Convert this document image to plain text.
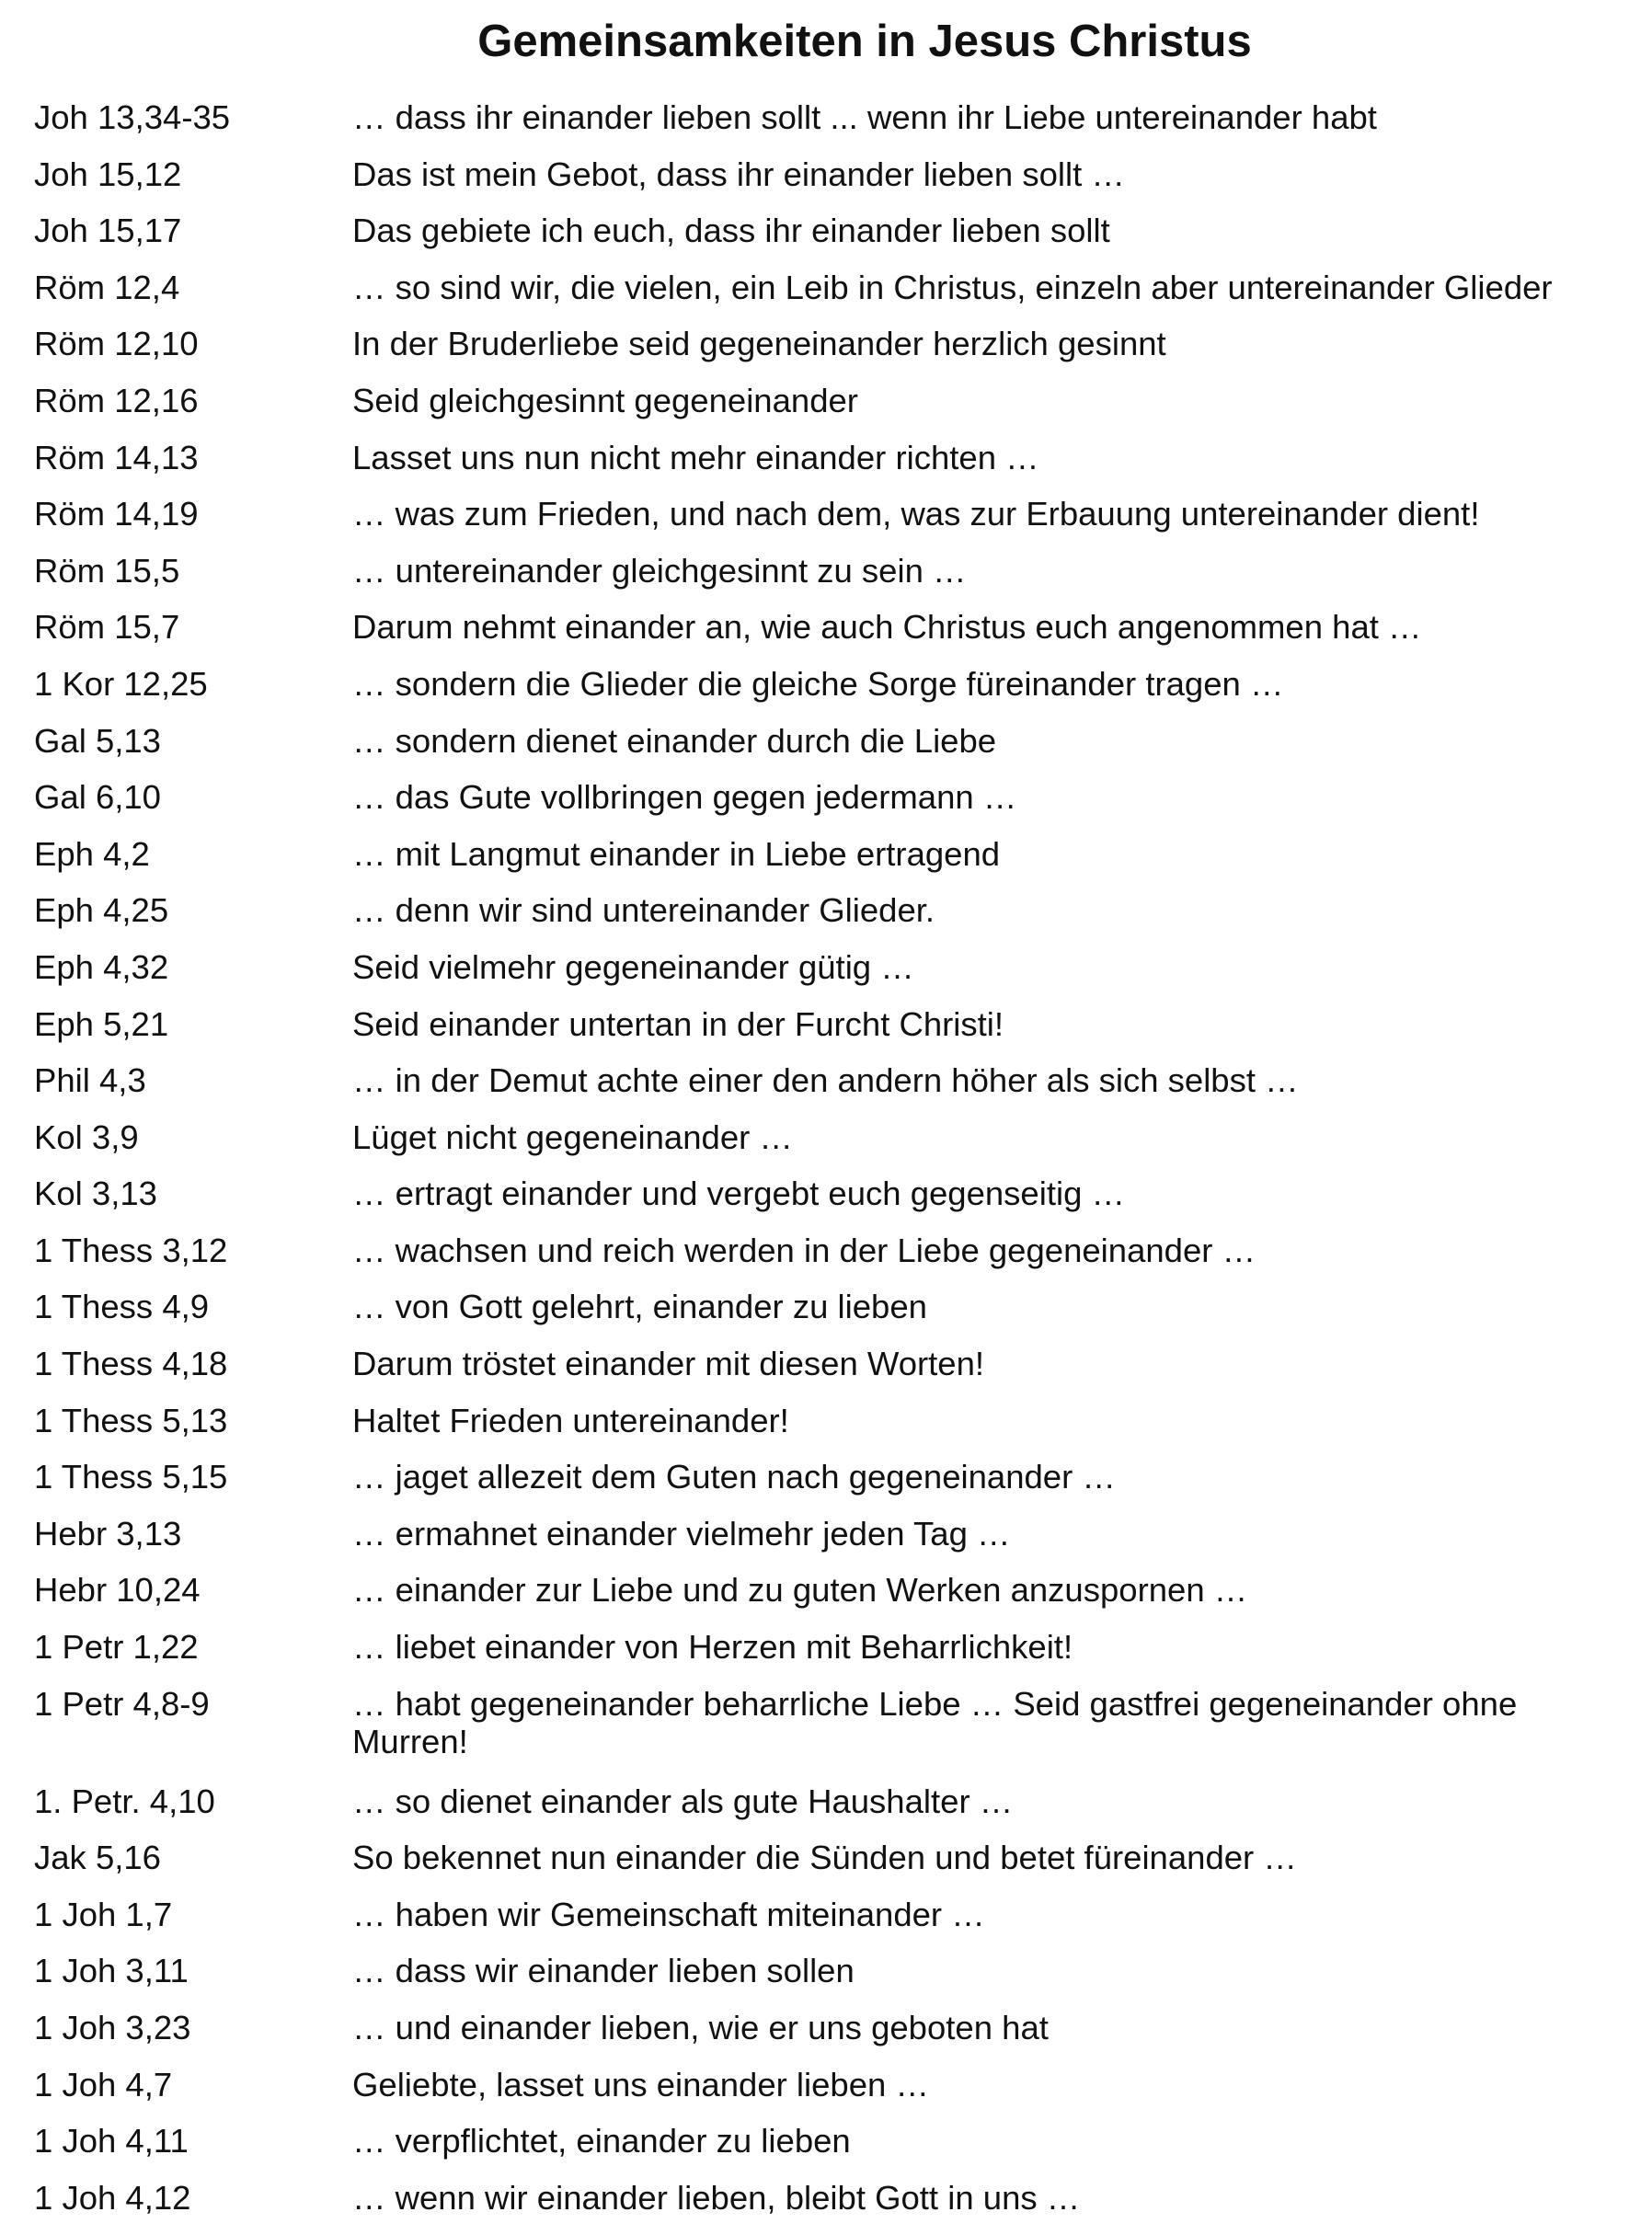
Gemeinsamkeiten in Jesus Christus
Joh 13,34-35	… dass ihr einander lieben sollt ... wenn ihr Liebe untereinander habt
Joh 15,12	Das ist mein Gebot, dass ihr einander lieben sollt …
Joh 15,17	Das gebiete ich euch, dass ihr einander lieben sollt
Röm 12,4	… so sind wir, die vielen, ein Leib in Christus, einzeln aber untereinander Glieder
Röm 12,10	In der Bruderliebe seid gegeneinander herzlich gesinnt
Röm 12,16	Seid gleichgesinnt gegeneinander
Röm 14,13	Lasset uns nun nicht mehr einander richten …
Röm 14,19	… was zum Frieden, und nach dem, was zur Erbauung untereinander dient!
Röm 15,5	… untereinander gleichgesinnt zu sein …
Röm 15,7	Darum nehmt einander an, wie auch Christus euch angenommen hat …
1 Kor 12,25	… sondern die Glieder die gleiche Sorge füreinander tragen …
Gal 5,13	… sondern dienet einander durch die Liebe
Gal 6,10	… das Gute vollbringen gegen jedermann …
Eph 4,2	… mit Langmut einander in Liebe ertragend
Eph 4,25	… denn wir sind untereinander Glieder.
Eph 4,32	Seid vielmehr gegeneinander gütig …
Eph 5,21	Seid einander untertan in der Furcht Christi!
Phil 4,3	… in der Demut achte einer den andern höher als sich selbst …
Kol 3,9	Lüget nicht gegeneinander …
Kol 3,13	… ertragt einander und vergebt euch gegenseitig …
1 Thess 3,12	… wachsen und reich werden in der Liebe gegeneinander …
1 Thess 4,9	… von Gott gelehrt, einander zu lieben
1 Thess 4,18	Darum tröstet einander mit diesen Worten!
1 Thess 5,13	Haltet Frieden untereinander!
1 Thess 5,15	… jaget allezeit dem Guten nach gegeneinander …
Hebr 3,13	… ermahnet einander vielmehr jeden Tag …
Hebr 10,24	… einander zur Liebe und zu guten Werken anzuspornen …
1 Petr 1,22	… liebet einander von Herzen mit Beharrlichkeit!
1 Petr 4,8-9	… habt gegeneinander beharrliche Liebe … Seid gastfrei gegeneinander ohne Murren!
1. Petr. 4,10	… so dienet einander als gute Haushalter …
Jak 5,16	So bekennet nun einander die Sünden und betet füreinander …
1 Joh 1,7	… haben wir Gemeinschaft miteinander …
1 Joh 3,11	… dass wir einander lieben sollen
1 Joh 3,23	… und einander lieben, wie er uns geboten hat
1 Joh 4,7	Geliebte, lasset uns einander lieben …
1 Joh 4,11	… verpflichtet, einander zu lieben
1 Joh 4,12	… wenn wir einander lieben, bleibt Gott in uns …
